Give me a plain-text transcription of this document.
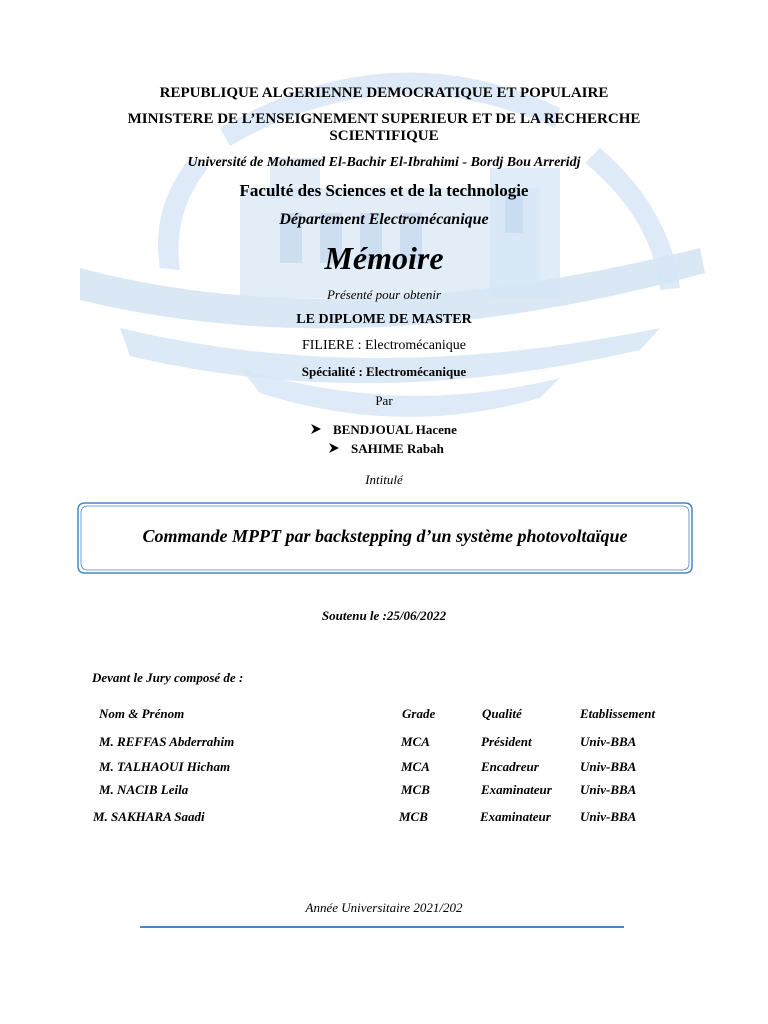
REPUBLIQUE ALGERIENNE DEMOCRATIQUE ET POPULAIRE
MINISTERE DE L’ENSEIGNEMENT SUPERIEUR ET DE LA RECHERCHE
SCIENTIFIQUE
Université de Mohamed El-Bachir El-Ibrahimi - Bordj Bou Arreridj
Faculté des Sciences et de la technologie
Département Electromécanique
Mémoire
Présenté pour obtenir
LE DIPLOME DE MASTER
FILIERE : Electromécanique
Spécialité : Electromécanique
Par
BENDJOUAL Hacene
SAHIME Rabah
Intitulé
Commande MPPT par backstepping d’un système photovoltaïque
Soutenu le :25/06/2022
Devant le Jury composé de :
Nom & Prénom	Grade	Qualité	Etablissement
M. REFFAS Abderrahim	MCA	Président	Univ-BBA
M. TALHAOUI Hicham	MCA	Encadreur	Univ-BBA
M. NACIB Leila	MCB	Examinateur Univ-BBA
M. SAKHARA Saadi	MCB	Examinateur Univ-BBA
Année Universitaire 2021/202
